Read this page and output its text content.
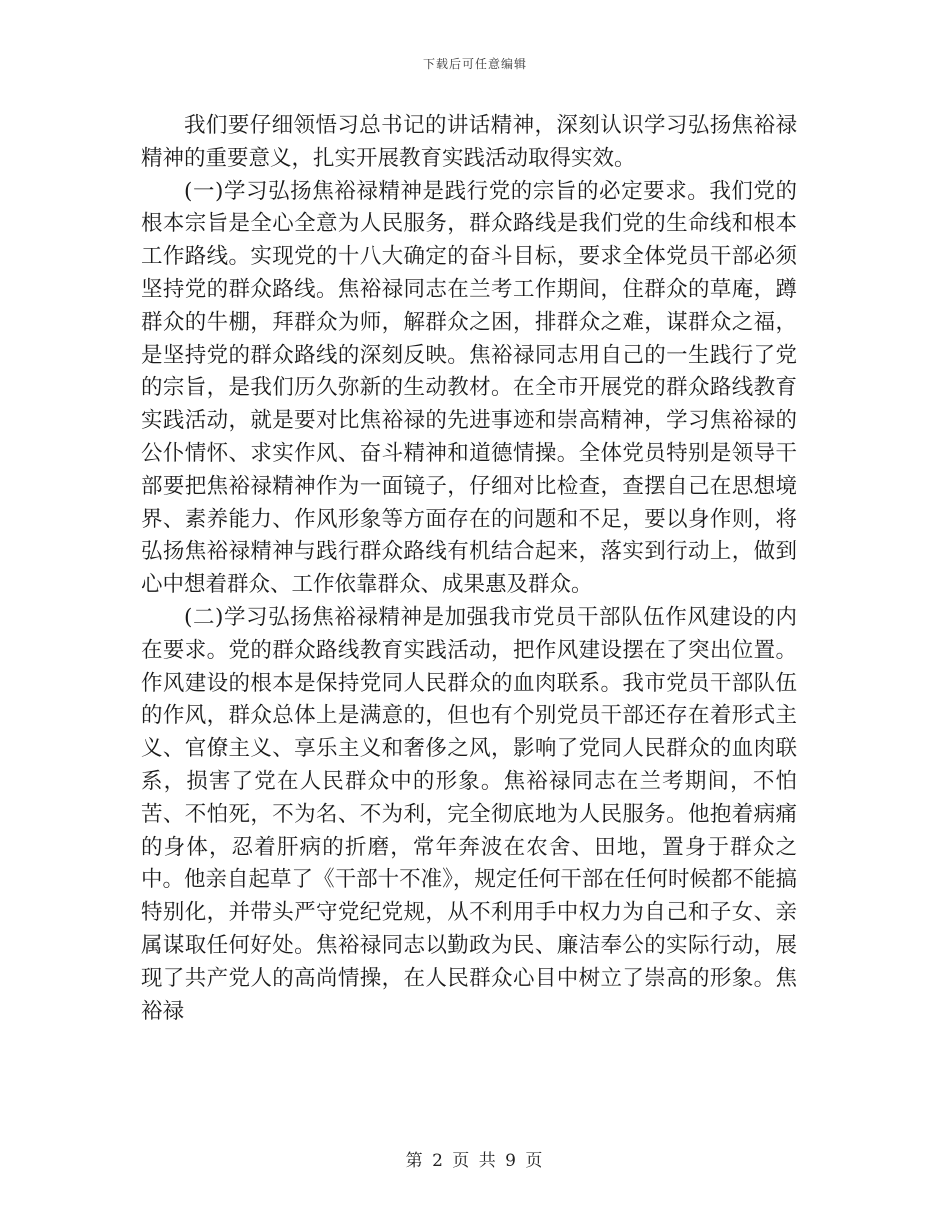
下载后可任意编辑

我们要仔细领悟习总书记的讲话精神，深刻认识学习弘扬焦裕禄精神的重要意义，扎实开展教育实践活动取得实效。

(一)学习弘扬焦裕禄精神是践行党的宗旨的必定要求。我们党的根本宗旨是全心全意为人民服务，群众路线是我们党的生命线和根本工作路线。实现党的十八大确定的奋斗目标，要求全体党员干部必须坚持党的群众路线。焦裕禄同志在兰考工作期间，住群众的草庵，蹲群众的牛棚，拜群众为师，解群众之困，排群众之难，谋群众之福，是坚持党的群众路线的深刻反映。焦裕禄同志用自己的一生践行了党的宗旨，是我们历久弥新的生动教材。在全市开展党的群众路线教育实践活动，就是要对比焦裕禄的先进事迹和崇高精神，学习焦裕禄的公仆情怀、求实作风、奋斗精神和道德情操。全体党员特别是领导干部要把焦裕禄精神作为一面镜子，仔细对比检查，查摆自己在思想境界、素养能力、作风形象等方面存在的问题和不足，要以身作则，将弘扬焦裕禄精神与践行群众路线有机结合起来，落实到行动上，做到心中想着群众、工作依靠群众、成果惠及群众。

(二)学习弘扬焦裕禄精神是加强我市党员干部队伍作风建设的内在要求。党的群众路线教育实践活动，把作风建设摆在了突出位置。作风建设的根本是保持党同人民群众的血肉联系。我市党员干部队伍的作风，群众总体上是满意的，但也有个别党员干部还存在着形式主义、官僚主义、享乐主义和奢侈之风，影响了党同人民群众的血肉联系，损害了党在人民群众中的形象。焦裕禄同志在兰考期间，不怕苦、不怕死，不为名、不为利，完全彻底地为人民服务。他抱着病痛的身体，忍着肝病的折磨，常年奔波在农舍、田地，置身于群众之中。他亲自起草了《干部十不准》，规定任何干部在任何时候都不能搞特别化，并带头严守党纪党规，从不利用手中权力为自己和子女、亲属谋取任何好处。焦裕禄同志以勤政为民、廉洁奉公的实际行动，展现了共产党人的高尚情操，在人民群众心目中树立了崇高的形象。焦裕禄

第 2 页 共 9 页
